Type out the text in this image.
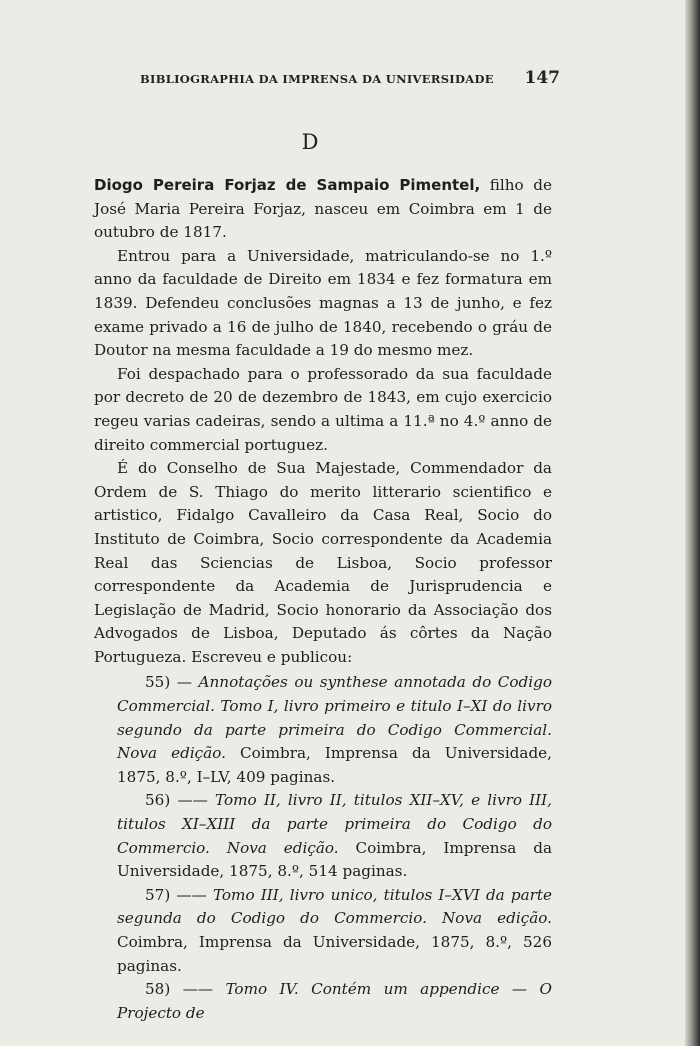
BIBLIOGRAPHIA DA IMPRENSA DA UNIVERSIDADE 147
D

Diogo Pereira Forjaz de Sampaio Pimentel, filho de José Maria Pereira Forjaz, nasceu em Coimbra em 1 de outubro de 1817.

Entrou para a Universidade, matriculando-se no 1.º anno da faculdade de Direito em 1834 e fez formatura em 1839. Defendeu conclusões magnas a 13 de junho, e fez exame privado a 16 de julho de 1840, recebendo o gráu de Doutor na mesma faculdade a 19 do mesmo mez.

Foi despachado para o professorado da sua faculdade por decreto de 20 de dezembro de 1843, em cujo exercicio regeu varias cadeiras, sendo a ultima a 11.ª no 4.º anno de direito commercial portuguez.

É do Conselho de Sua Majestade, Commendador da Ordem de S. Thiago do merito litterario scientifico e artistico, Fidalgo Cavalleiro da Casa Real, Socio do Instituto de Coimbra, Socio correspondente da Academia Real das Sciencias de Lisboa, Socio professor correspondente da Academia de Jurisprudencia e Legislação de Madrid, Socio honorario da Associação dos Advogados de Lisboa, Deputado ás côrtes da Nação Portugueza. Escreveu e publicou:

55) — Annotações ou synthese annotada do Codigo Commercial. Tomo I, livro primeiro e titulo I–XI do livro segundo da parte primeira do Codigo Commercial. Nova edição. Coimbra, Imprensa da Universidade, 1875, 8.º, I–LV, 409 paginas.

56) —— Tomo II, livro II, titulos XII–XV, e livro III, titulos XI–XIII da parte primeira do Codigo do Commercio. Nova edição. Coimbra, Imprensa da Universidade, 1875, 8.º, 514 paginas.

57) —— Tomo III, livro unico, titulos I–XVI da parte segunda do Codigo do Commercio. Nova edição. Coimbra, Imprensa da Universidade, 1875, 8.º, 526 paginas.

58) —— Tomo IV. Contém um appendice — O Projecto de
